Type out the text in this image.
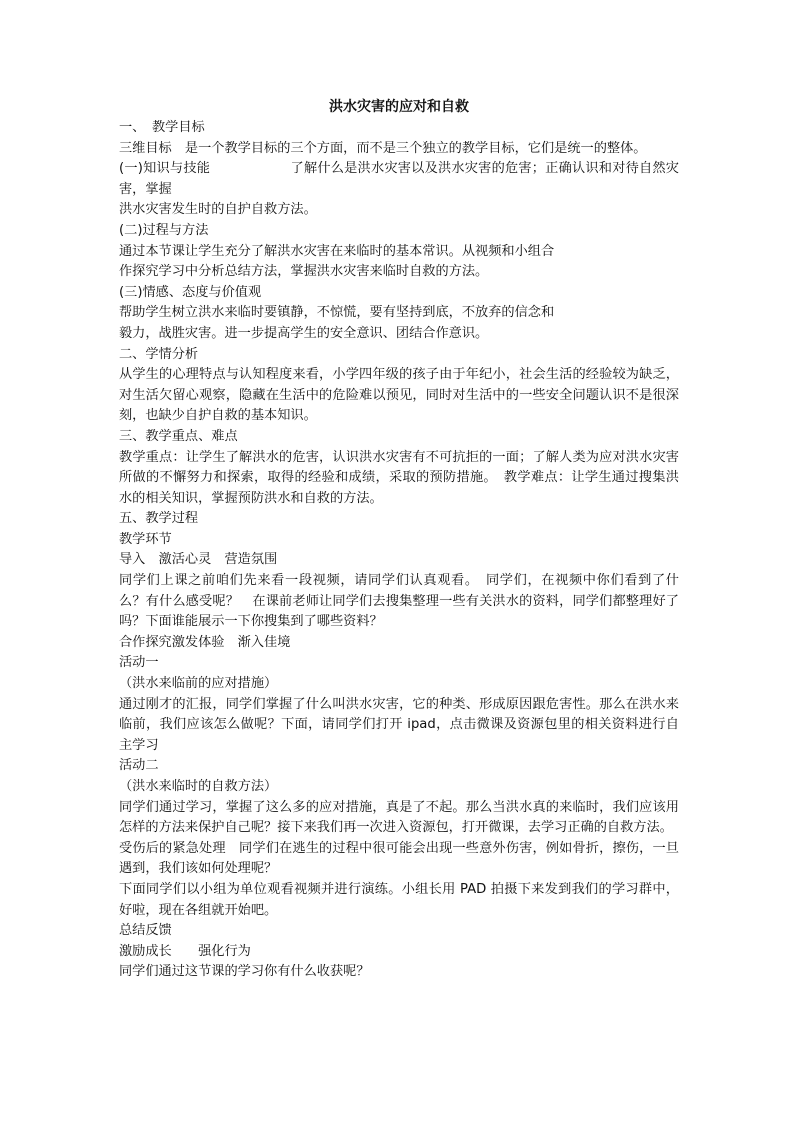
洪水灾害的应对和自救
一、　教学目标
三维目标　是一个教学目标的三个方面，而不是三个独立的教学目标，它们是统一的整体。
(一)知识与技能　　　　　　了解什么是洪水灾害以及洪水灾害的危害；正确认识和对待自然灾害，掌握
洪水灾害发生时的自护自救方法。
(二)过程与方法
通过本节课让学生充分了解洪水灾害在来临时的基本常识。从视频和小组合
作探究学习中分析总结方法，掌握洪水灾害来临时自救的方法。
(三)情感、态度与价值观
帮助学生树立洪水来临时要镇静，不惊慌，要有坚持到底，不放弃的信念和
毅力，战胜灾害。进一步提高学生的安全意识、团结合作意识。
二、学情分析
从学生的心理特点与认知程度来看，小学四年级的孩子由于年纪小，社会生活的经验较为缺乏，对生活欠留心观察，隐藏在生活中的危险难以预见，同时对生活中的一些安全问题认识不是很深刻，也缺少自护自救的基本知识。
三、教学重点、难点
教学重点：让学生了解洪水的危害，认识洪水灾害有不可抗拒的一面；了解人类为应对洪水灾害所做的不懈努力和探索，取得的经验和成绩，采取的预防措施。　教学难点：让学生通过搜集洪水的相关知识，掌握预防洪水和自救的方法。
五、教学过程
教学环节
导入　激活心灵　营造氛围
同学们上课之前咱们先来看一段视频，请同学们认真观看。　同学们，在视频中你们看到了什么？有什么感受呢？　在课前老师让同学们去搜集整理一些有关洪水的资料，同学们都整理好了吗？下面谁能展示一下你搜集到了哪些资料？
合作探究激发体验　渐入佳境
活动一
（洪水来临前的应对措施）
通过刚才的汇报，同学们掌握了什么叫洪水灾害，它的种类、形成原因跟危害性。那么在洪水来临前，我们应该怎么做呢？下面，请同学们打开 ipad，点击微课及资源包里的相关资料进行自主学习
活动二
（洪水来临时的自救方法）
同学们通过学习，掌握了这么多的应对措施，真是了不起。那么当洪水真的来临时，我们应该用怎样的方法来保护自己呢？接下来我们再一次进入资源包，打开微课，去学习正确的自救方法。
受伤后的紧急处理　同学们在逃生的过程中很可能会出现一些意外伤害，例如骨折，擦伤，一旦遇到，我们该如何处理呢？
下面同学们以小组为单位观看视频并进行演练。小组长用 PAD 拍摄下来发到我们的学习群中，好啦，现在各组就开始吧。
总结反馈
激励成长　　强化行为
同学们通过这节课的学习你有什么收获呢？
